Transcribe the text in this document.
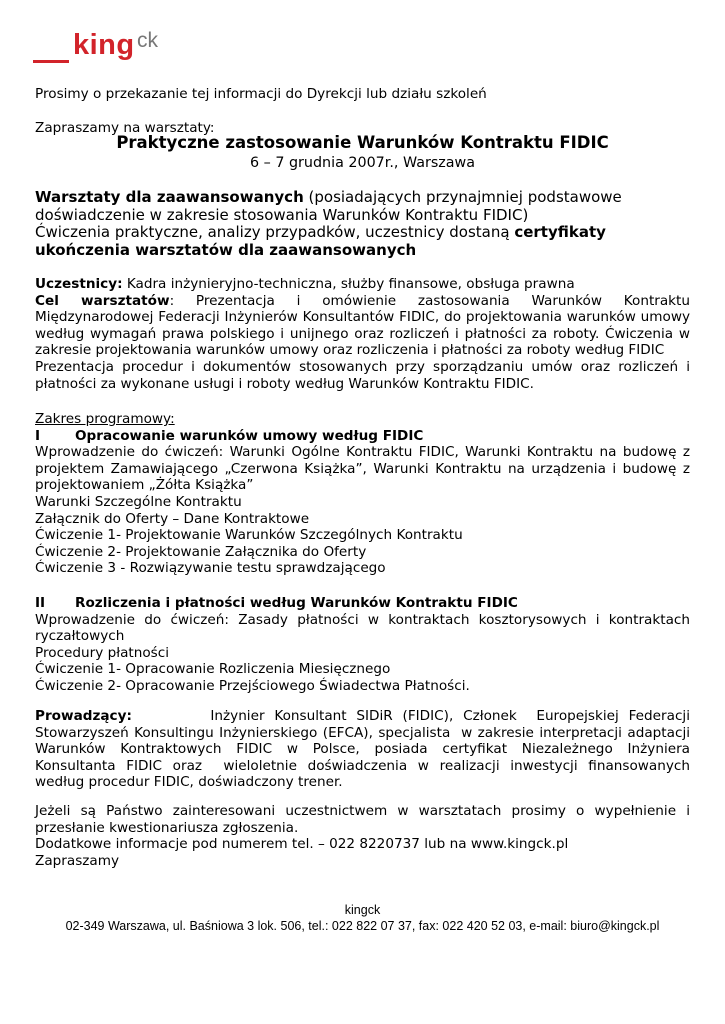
king ck

Prosimy o przekazanie tej informacji do Dyrekcji lub działu szkoleń

Zapraszamy na warsztaty:

Praktyczne zastosowanie Warunków Kontraktu FIDIC

6 – 7 grudnia 2007r., Warszawa

Warsztaty dla zaawansowanych (posiadających przynajmniej podstawowe doświadczenie w zakresie stosowania Warunków Kontraktu FIDIC)

Ćwiczenia praktyczne, analizy przypadków, uczestnicy dostaną certyfikaty ukończenia warsztatów dla zaawansowanych

Uczestnicy: Kadra inżynieryjno-techniczna, służby finansowe, obsługa prawna

Cel warsztatów: Prezentacja i omówienie zastosowania Warunków Kontraktu Międzynarodowej Federacji Inżynierów Konsultantów FIDIC, do projektowania warunków umowy według wymagań prawa polskiego i unijnego oraz rozliczeń i płatności za roboty. Ćwiczenia w zakresie projektowania warunków umowy oraz rozliczenia i płatności za roboty według FIDIC

Prezentacja procedur i dokumentów stosowanych przy sporządzaniu umów oraz rozliczeń i płatności za wykonane usługi i roboty według Warunków Kontraktu FIDIC.

Zakres programowy:

I	Opracowanie warunków umowy według FIDIC

Wprowadzenie do ćwiczeń: Warunki Ogólne Kontraktu FIDIC, Warunki Kontraktu na budowę z projektem Zamawiającego „Czerwona Książka”, Warunki Kontraktu na urządzenia i budowę z projektowaniem „Żółta Książka”

Warunki Szczególne Kontraktu

Załącznik do Oferty – Dane Kontraktowe

Ćwiczenie 1- Projektowanie Warunków Szczególnych Kontraktu

Ćwiczenie 2- Projektowanie Załącznika do Oferty

Ćwiczenie 3 - Rozwiązywanie testu sprawdzającego

II Rozliczenia i płatności według Warunków Kontraktu FIDIC

Wprowadzenie do ćwiczeń: Zasady płatności w kontraktach kosztorysowych i kontraktach ryczałtowych

Procedury płatności

Ćwiczenie 1- Opracowanie Rozliczenia Miesięcznego

Ćwiczenie 2- Opracowanie Przejściowego Świadectwa Płatności.

Prowadzący:        Inżynier Konsultant SIDiR (FIDIC), Członek  Europejskiej Federacji Stowarzyszeń Konsultingu Inżynierskiego (EFCA), specjalista  w zakresie interpretacji adaptacji Warunków Kontraktowych FIDIC w Polsce, posiada certyfikat Niezależnego Inżyniera Konsultanta FIDIC oraz  wieloletnie doświadczenia w realizacji inwestycji finansowanych  według procedur FIDIC, doświadczony trener.

Jeżeli są Państwo zainteresowani uczestnictwem w warsztatach prosimy o wypełnienie i przesłanie kwestionariusza zgłoszenia.

Dodatkowe informacje pod numerem tel. – 022 8220737 lub na www.kingck.pl

Zapraszamy

kingck

02-349 Warszawa, ul. Baśniowa 3 lok. 506, tel.: 022 822 07 37, fax: 022 420 52 03, e-mail: biuro@kingck.pl
